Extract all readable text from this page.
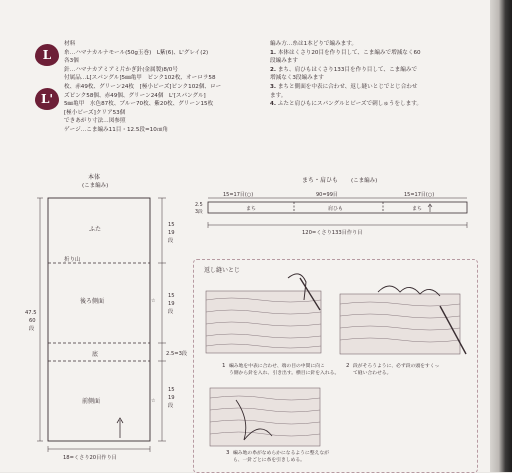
L
L'
材料
糸…ハマナカルナモール(50g玉巻)　L紫(6)、L'グレイ(2)
各3個
針…ハマナカアミアミ片かぎ針(金属製)8/0号
付属品…L[スパングル]5㎜亀甲　ピンク102枚、オーロラ58
枚、赤49枚、グリーン24枚　[極小ビーズ]ピンク102個、ロー
ズピンク58個、赤49個、グリーン24個　L'[スパングル]
5㎜亀甲　水色87枚、ブルー70枚、紫20枚、グリーン15枚
[極小ビーズ]クリア53個
できあがり寸法…図参照
ゲージ…こま編み11目・12.5段=10㎝角
編み方…糸は1本どりで編みます。
1. 本体はくさり20目を作り目して、こま編みで増減なく60
段編みます
2. まち、肩ひもはくさり133目を作り目して、こま編みで
増減なく3段編みます
3. まちと側面を中表に合わせ、返し縫いとじでとじ合わせ
ます。
4. ふたと肩ひもにスパングルとビーズで刺しゅうをします。
本体
(こま編み)
ふた
折り山
後ろ側面
底
前側面
☆
☆
15
19
段
15
19
段
2.5=3段
15
19
段
47.5
60
段
18=くさり20目作り目
まち・肩ひも (こま編み)
15=17目(○)	90=99目	15=17目(○)
まち	肩ひも	まち
2.5
3段
120=くさり133目作り目
返し縫いとじ
1 編み地を中表に合わせ、端の目の中間に向こ
う側から針を入れ、引き出す。横目に針を入れる。
2 段がそろうように、必ず段の頭をすくっ
て縫い合わせる。
3 編み地の糸がなめらかになるように整えなが
ら、一針ごとに糸を引きしめる。
